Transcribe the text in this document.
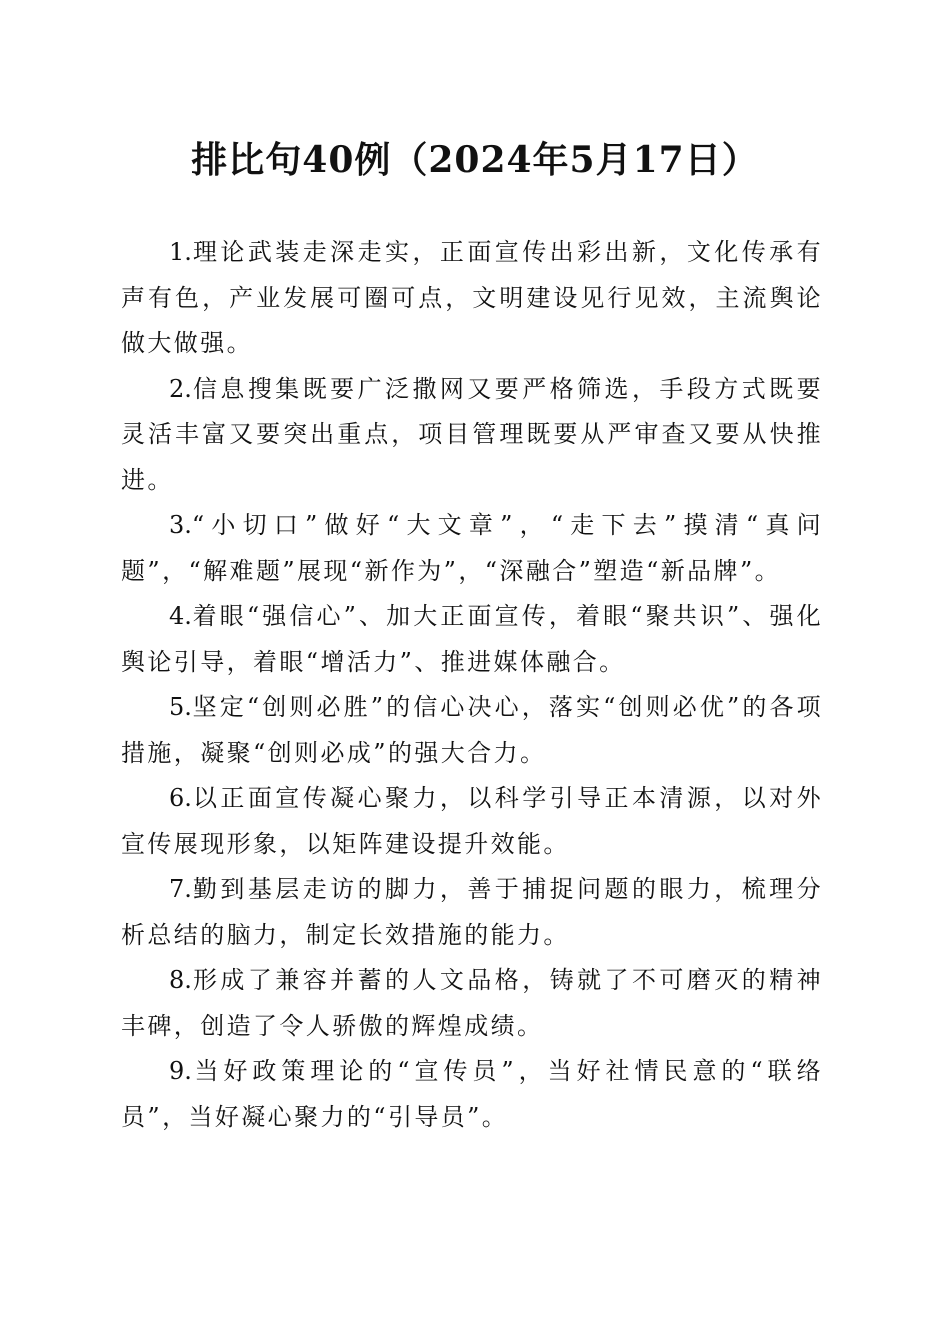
排比句40例（2024年5月17日）

1.理论武装走深走实，正面宣传出彩出新，文化传承有声有色，产业发展可圈可点，文明建设见行见效，主流舆论做大做强。

2.信息搜集既要广泛撒网又要严格筛选，手段方式既要灵活丰富又要突出重点，项目管理既要从严审查又要从快推进。

3.“小切口”做好“大文章”，“走下去”摸清“真问题”，“解难题”展现“新作为”，“深融合”塑造“新品牌”。

4.着眼“强信心”、加大正面宣传，着眼“聚共识”、强化舆论引导，着眼“增活力”、推进媒体融合。

5.坚定“创则必胜”的信心决心，落实“创则必优”的各项措施，凝聚“创则必成”的强大合力。

6.以正面宣传凝心聚力，以科学引导正本清源，以对外宣传展现形象，以矩阵建设提升效能。

7.勤到基层走访的脚力，善于捕捉问题的眼力，梳理分析总结的脑力，制定长效措施的能力。

8.形成了兼容并蓄的人文品格，铸就了不可磨灭的精神丰碑，创造了令人骄傲的辉煌成绩。

9.当好政策理论的“宣传员”，当好社情民意的“联络员”，当好凝心聚力的“引导员”。
